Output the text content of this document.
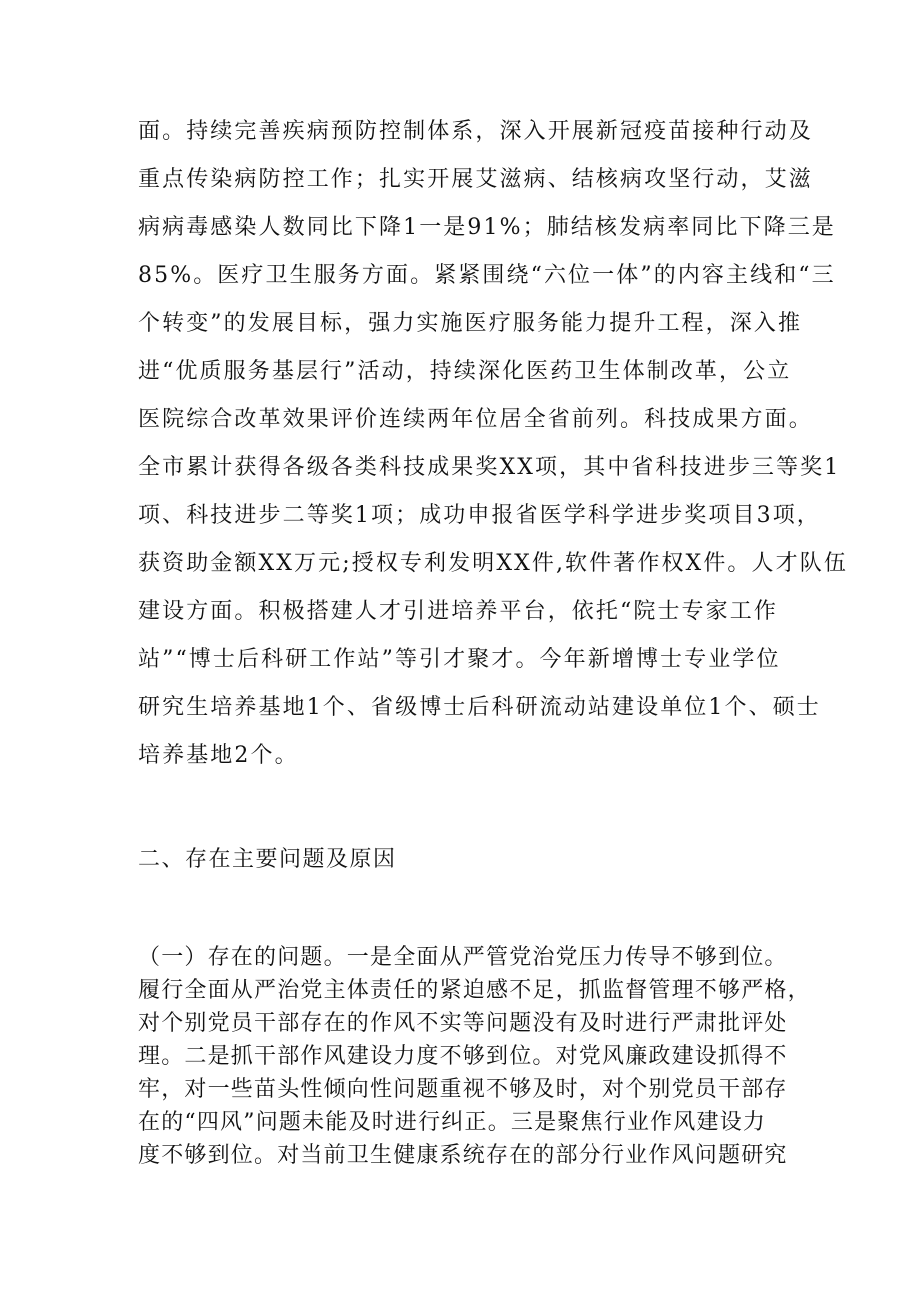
面。持续完善疾病预防控制体系，深入开展新冠疫苗接种行动及
重点传染病防控工作；扎实开展艾滋病、结核病攻坚行动，艾滋
病病毒感染人数同比下降1一是91%；肺结核发病率同比下降三是
85%。医疗卫生服务方面。紧紧围绕“六位一体”的内容主线和“三
个转变”的发展目标，强力实施医疗服务能力提升工程，深入推
进“优质服务基层行”活动，持续深化医药卫生体制改革，公立
医院综合改革效果评价连续两年位居全省前列。科技成果方面。
全市累计获得各级各类科技成果奖XX项，其中省科技进步三等奖1
项、科技进步二等奖1项；成功申报省医学科学进步奖项目3项，
获资助金额XX万元;授权专利发明XX件,软件著作权X件。人才队伍
建设方面。积极搭建人才引进培养平台，依托“院士专家工作
站”“博士后科研工作站”等引才聚才。今年新增博士专业学位
研究生培养基地1个、省级博士后科研流动站建设单位1个、硕士
培养基地2个。
二、存在主要问题及原因
（一）存在的问题。一是全面从严管党治党压力传导不够到位。
履行全面从严治党主体责任的紧迫感不足，抓监督管理不够严格，
对个别党员干部存在的作风不实等问题没有及时进行严肃批评处
理。二是抓干部作风建设力度不够到位。对党风廉政建设抓得不
牢，对一些苗头性倾向性问题重视不够及时，对个别党员干部存
在的“四风”问题未能及时进行纠正。三是聚焦行业作风建设力
度不够到位。对当前卫生健康系统存在的部分行业作风问题研究
